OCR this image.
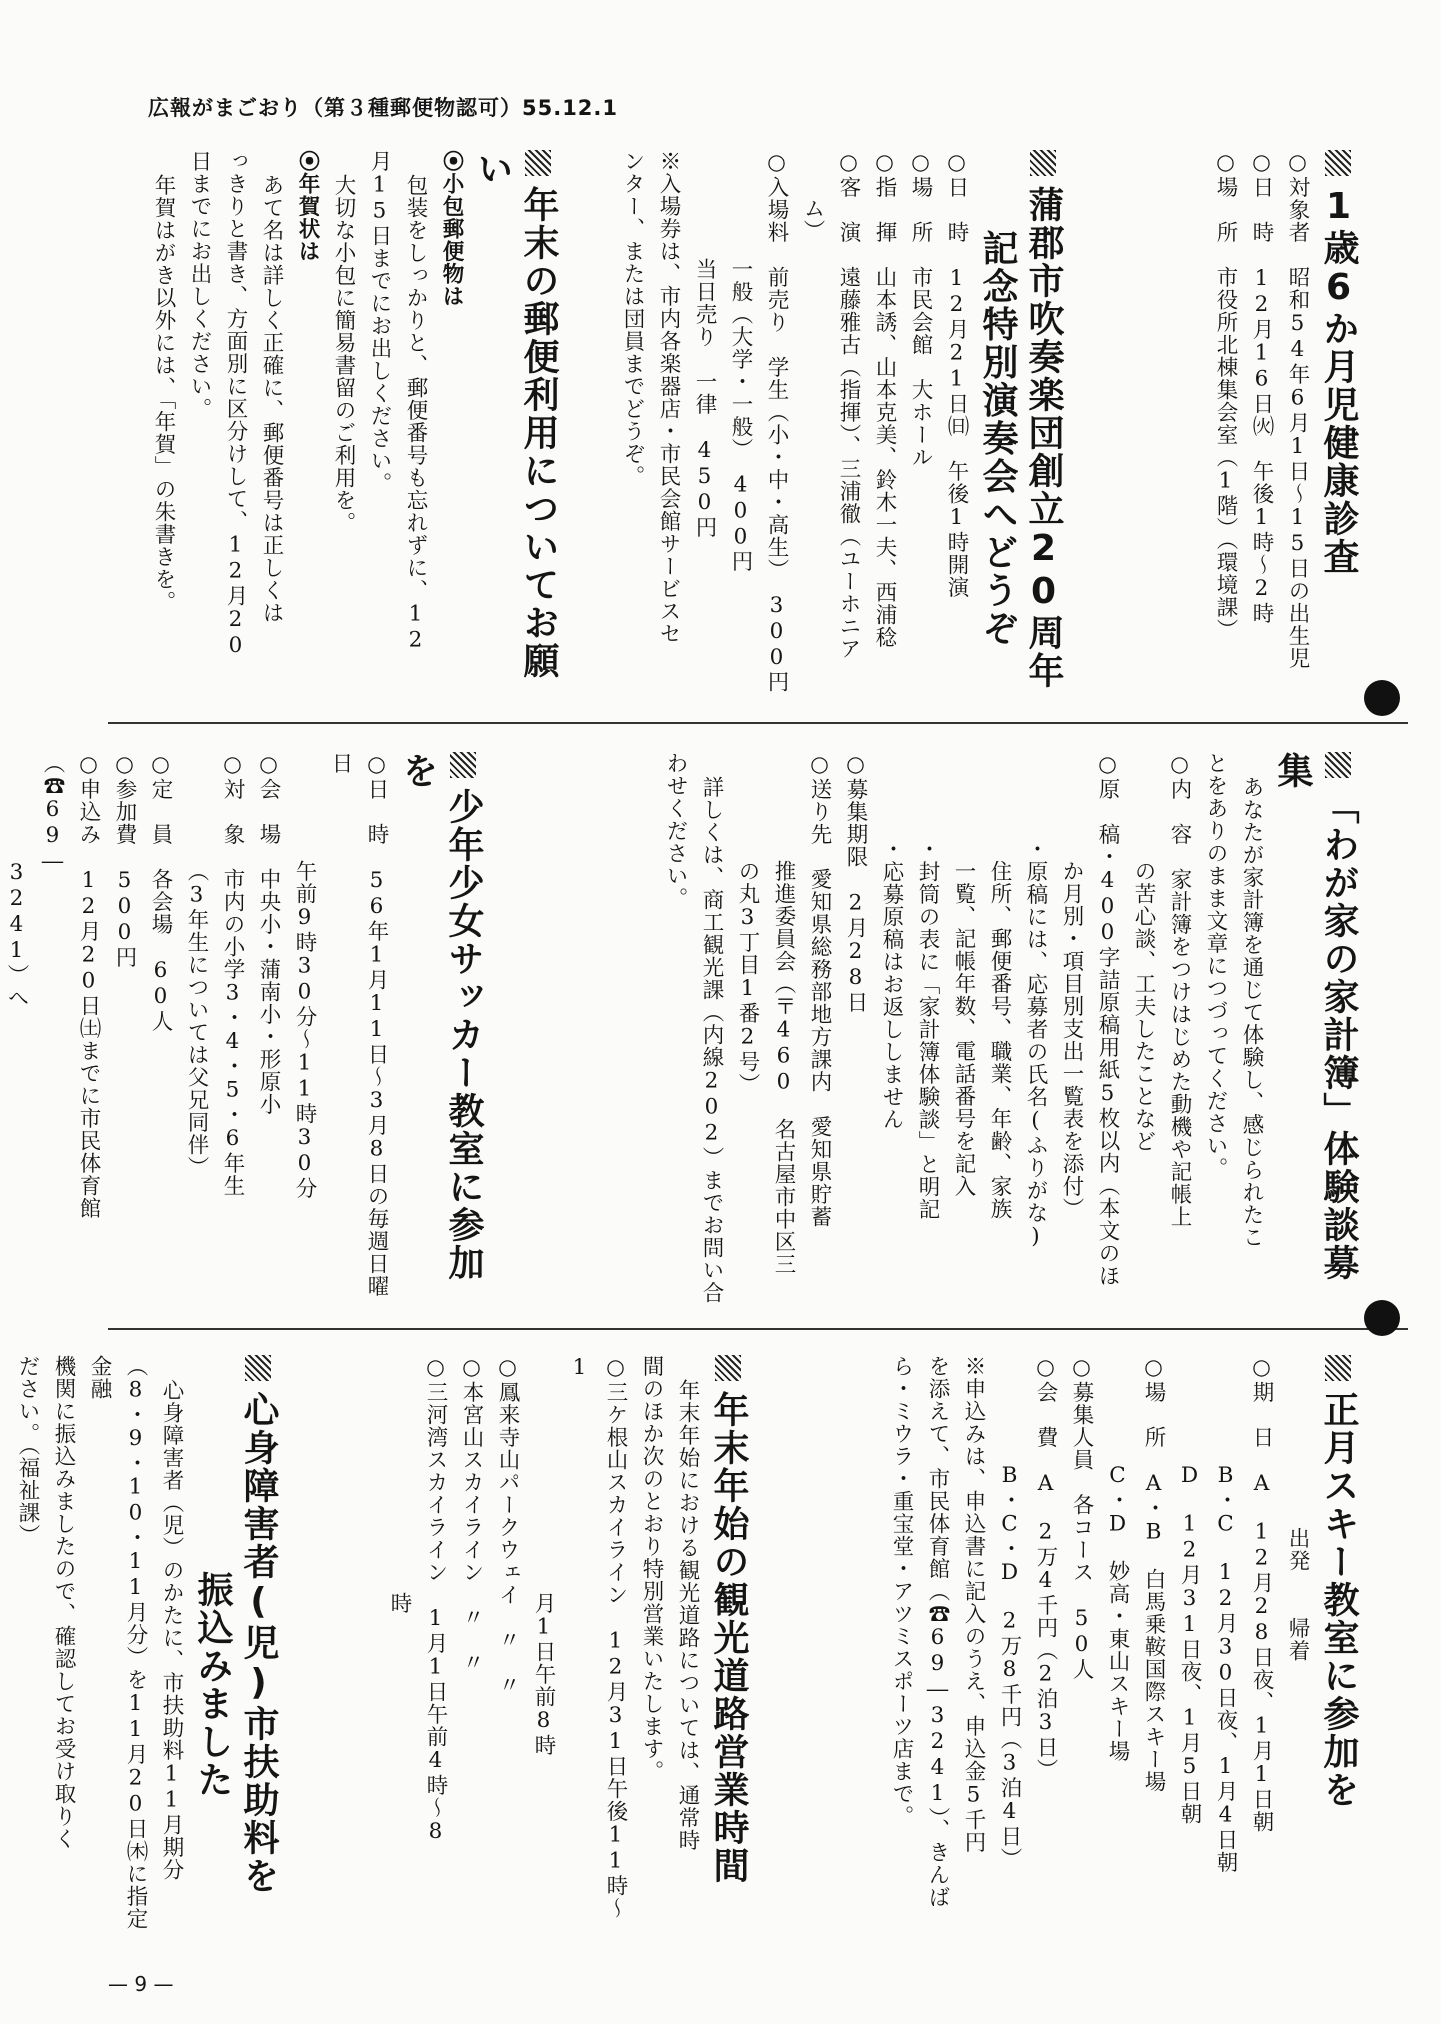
広報がまごおり（第３種郵便物認可）55.12.1
1歳6か月児健康診査
○対象者　昭和54年6月1日〜15日の出生児
○日　時　12月16日㈫　午後1時〜2時
○場　所　市役所北棟集会室（1階）（環境課）
蒲郡市吹奏楽団創立20周年 記念特別演奏会へどうぞ
○日　時　12月21日㈰　午後1時開演
○場　所　市民会館　大ホール
○指　揮　山本誘、山本克美、鈴木一夫、西浦稔
○客　演　遠藤雅古（指揮）、三浦徹（ユーホニア
ム）
○入場料　前売り　学生（小・中・高生）　300円
一般（大学・一般）　400円
当日売り　一律　450円
※入場券は、市内各楽器店・市民会館サービスセ
ンター、または団員までどうぞ。
年末の郵便利用についてお願い
⦿小包郵便物は
包装をしっかりと、郵便番号も忘れずに、12
月15日までにお出しください。
大切な小包に簡易書留のご利用を。
⦿年賀状は
あて名は詳しく正確に、郵便番号は正しくは
っきりと書き、方面別に区分けして、12月20
日までにお出しください。
年賀はがき以外には、「年賀」の朱書きを。
「わが家の家計簿」体験談募集
あなたが家計簿を通じて体験し、感じられたこ
とをありのまま文章につづってください。
○内　容　家計簿をつけはじめた動機や記帳上
の苦心談、工夫したことなど
○原　稿・400字詰原稿用紙5枚以内（本文のほ
か月別・項目別支出一覧表を添付）
・原稿には、応募者の氏名(ふりがな)
住所、郵便番号、職業、年齢、家族
一覧、記帳年数、電話番号を記入
・封筒の表に「家計簿体験談」と明記
・応募原稿はお返ししません
○募集期限　2月28日
○送り先　愛知県総務部地方課内　愛知県貯蓄
推進委員会（〒460　名古屋市中区三
の丸3丁目1番2号）
詳しくは、商工観光課（内線202）までお問い合
わせください。
少年少女サッカー教室に参加を
○日　時　56年1月11日〜3月8日の毎週日曜日
午前9時30分〜11時30分
○会　場　中央小・蒲南小・形原小
○対　象　市内の小学3・4・5・6年生
（3年生については父兄同伴）
○定　員　各会場　60人
○参加費　500円
○申込み　12月20日㈯までに市民体育館（☎69―
3241）へ
正月スキー教室に参加を
出発　　帰着
○期　日　A　12月28日夜、1月1日朝
B・C　12月30日夜、1月4日朝
D　12月31日夜、1月5日朝
○場　所　A・B　白馬乗鞍国際スキー場
C・D　妙高・東山スキー場
○募集人員　各コース　50人
○会　費　A　2万4千円（2泊3日）
B・C・D　2万8千円（3泊4日）
※申込みは、申込書に記入のうえ、申込金5千円
を添えて、市民体育館（☎69―3241）、きんば
ら・ミウラ・重宝堂・アツミスポーツ店まで。
年末年始の観光道路営業時間
年末年始における観光道路については、通常時
間のほか次のとおり特別営業いたします。
○三ケ根山スカイライン　12月31日午後11時〜1
月1日午前8時
○鳳来寺山パークウェイ　〃　〃
○本宮山スカイライン　〃　〃
○三河湾スカイライン　1月1日午前4時〜8
時
心身障害者(児)市扶助料を 振込みました
心身障害者（児）のかたに、市扶助料11月期分
（8・9・10・11月分）を11月20日㈭に指定金融
機関に振込みましたので、確認してお受け取りく
ださい。（福祉課）
— 9 —
